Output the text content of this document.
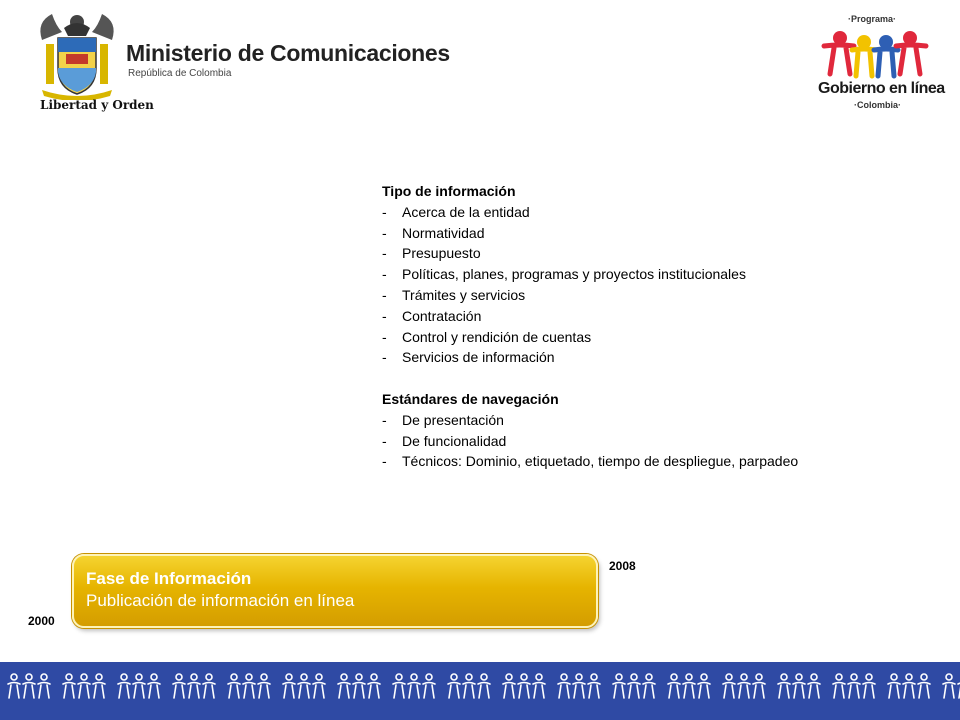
Libertad y Orden
Ministerio de Comunicaciones
República de Colombia
·Programa·
Gobierno en línea
·Colombia·
Tipo de información
- Acerca de la entidad
- Normatividad
- Presupuesto
- Políticas, planes, programas y proyectos institucionales
- Trámites y servicios
- Contratación
- Control y rendición de cuentas
- Servicios de información
Estándares de navegación
- De presentación
- De funcionalidad
- Técnicos: Dominio, etiquetado, tiempo de despliegue, parpadeo
2008
2000
Fase de Información
Publicación de información en línea
